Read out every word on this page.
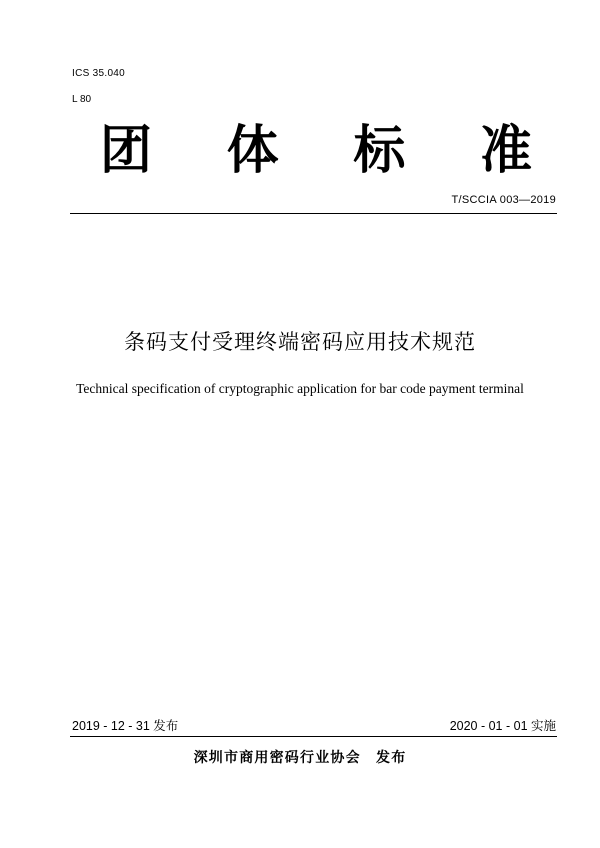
ICS 35.040
L 80
团 体 标 准
T/SCCIA 003—2019
条码支付受理终端密码应用技术规范
Technical specification of cryptographic application for bar code payment terminal
2019 - 12 - 31 发布	2020 - 01 - 01 实施
深圳市商用密码行业协会　发布
